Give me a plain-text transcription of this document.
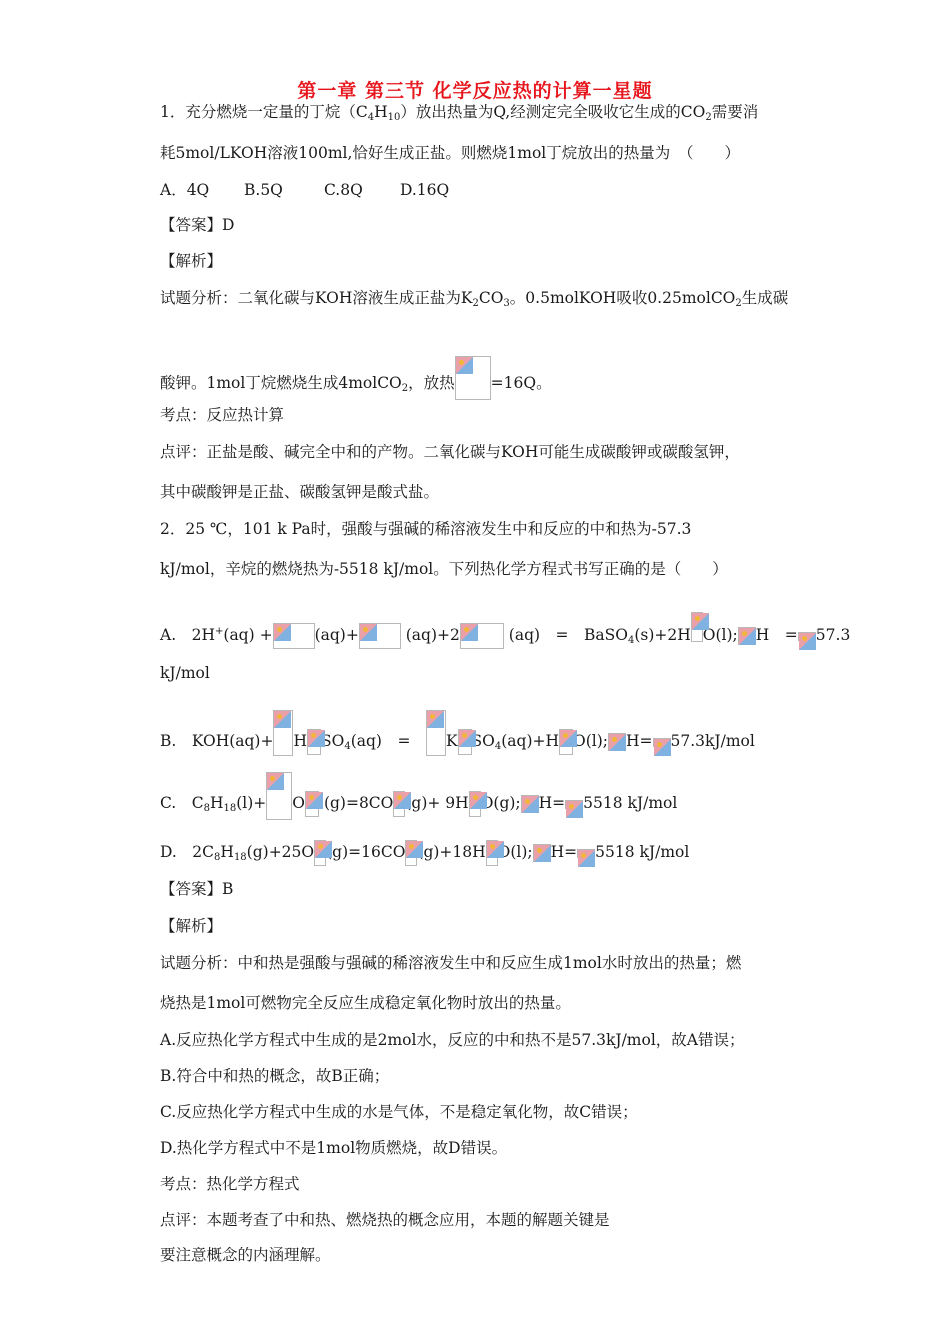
第一章 第三节 化学反应热的计算一星题
1．充分燃烧一定量的丁烷$(C_4H_{10})$放出热量为Q,经测定完全吸收它生成的$CO_2$需要消
耗5mol/LKOH溶液100ml,恰好生成正盐。则燃烧1mol丁烷放出的热量为　（　　）
A．4Q B.5Q	C.8Q D.16Q
【答案】D
【解析】
试题分析：二氧化碳与KOH溶液生成正盐为$K_2CO_3$。0.5molKOH吸收0.25molCO$_2$生成碳
酸钾。1mol丁烷燃烧生成4molCO$_2$，放热 =16Q。
考点：反应热计算
点评：正盐是酸、碱完全中和的产物。二氧化碳与KOH可能生成碳酸钾或碳酸氢钾，
其中碳酸钾是正盐、碳酸氢钾是酸式盐。
2．25 ℃，101 k Pa时，强酸与强碱的稀溶液发生中和反应的中和热为-57.3
kJ/mol，辛烷的燃烧热为-5518 kJ/mol。下列热化学方程式书写正确的是（　　）
A.　2H+(aq) +	(aq)+	(aq)+2	(aq)　=　BaSO$_4$(s)+2H O(l); H　= 57.3
kJ/mol
B.　KOH(aq)+ H $SO_4(aq)$　=　
K $SO_4(aq)+H$ O(l); H= 57.3kJ/mol
C.　$C_8H_{18}(l)+ O$
(g)=8CO (g)+ 9H O(g); H= 5518 kJ/mol
D.　$2C_8H_{18}(g)+25O$ (g)=16CO (g)+18H O(l); H= 5518 kJ/mol
【答案】B
【解析】
试题分析：中和热是强酸与强碱的稀溶液发生中和反应生成1mol水时放出的热量；燃
烧热是1mol可燃物完全反应生成稳定氧化物时放出的热量。
A.反应热化学方程式中生成的是2mol水，反应的中和热不是57.3kJ/mol，故A错误；
B.符合中和热的概念，故B正确；
C.反应热化学方程式中生成的水是气体，不是稳定氧化物，故C错误；
D.热化学方程式中不是1mol物质燃烧，故D错误。
考点：热化学方程式
点评：本题考查了中和热、燃烧热的概念应用，本题的解题关键是
要注意概念的内涵理解。
